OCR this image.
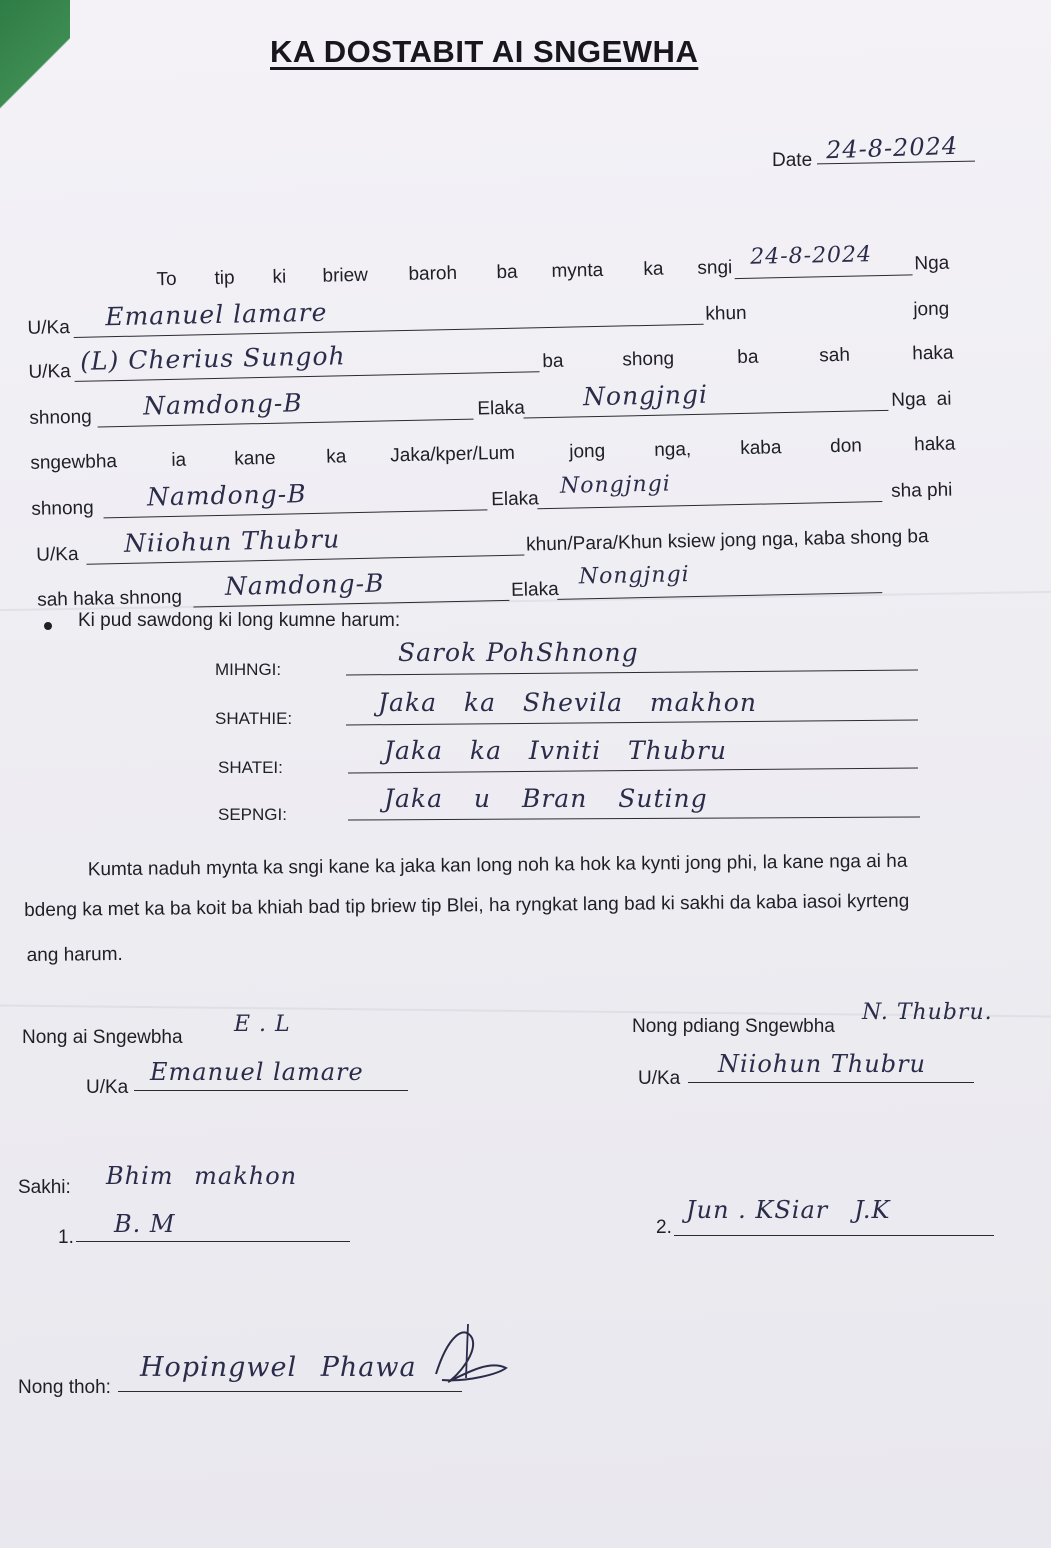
KA DOSTABIT AI SNGEWHA
Date 24-8-2024
To tip ki briew baroh ba mynta ka sngi 24-8-2024 Nga
U/Ka Emanuel lamare	khun	jong
U/Ka (L) Cherius Sungoh	ba	shong	ba	sah	haka
shnong Namdong-B	Elaka Nongjngi	Nga  ai
sngewbha	ia	kane	ka Jaka/kper/Lum	jong	nga,	kaba	don	haka
shnong Namdong-B	Elaka
Nongjngi	sha phi
U/Ka Niiohun Thubru	khun/Para/Khun ksiew jong nga, kaba shong ba
sah haka shnong Namdong-B	Elaka
Nongjngi
Ki pud sawdong ki long kumne harum:
MIHNGI:
Sarok PohShnong
SHATHIE:
Jaka ka Shevila makhon
SHATEI:
Jaka ka Ivniti Thubru
SEPNGI:
Jaka u Bran Suting
Kumta naduh mynta ka sngi kane ka jaka kan long noh ka hok ka kynti jong phi, la kane nga ai ha
bdeng ka met ka ba koit ba khiah bad tip briew tip Blei, ha ryngkat lang bad ki sakhi da kaba iasoi kyrteng
ang harum.
Nong ai Sngewbha
E . L
U/Ka
Emanuel lamare
Nong pdiang Sngewbha
N. Thubru.
U/Ka
Niiohun Thubru
Sakhi: Bhim makhon
1. B. M	2.
Jun . KSiar   J.K
Nong thoh:
Hopingwel Phawa
